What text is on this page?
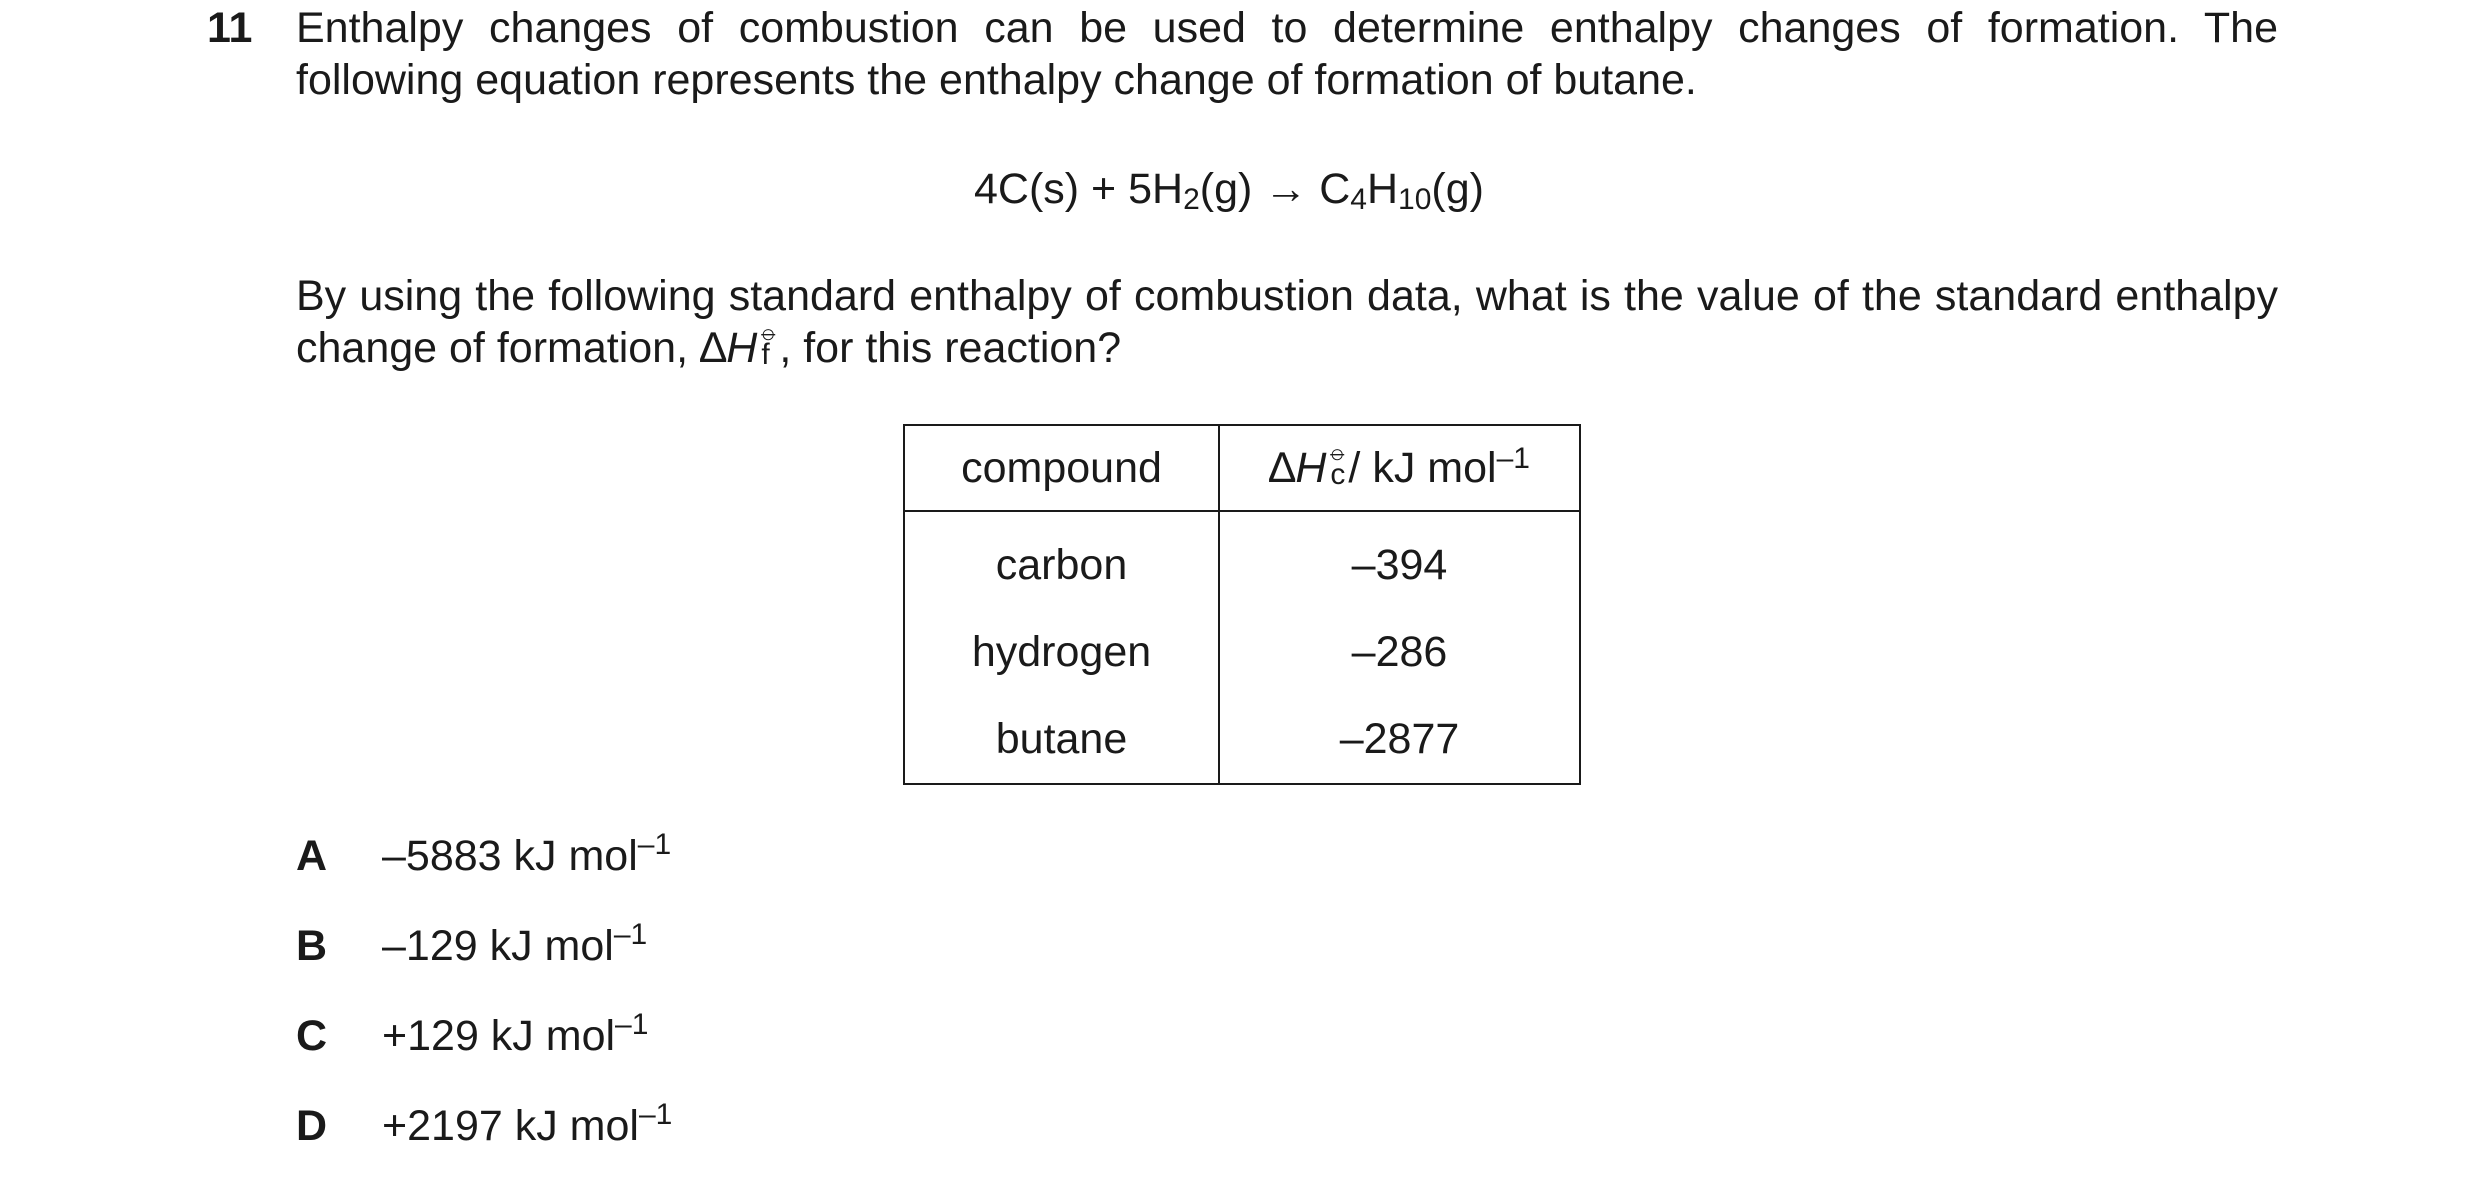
11 Enthalpy changes of combustion can be used to determine enthalpy changes of formation. The following equation represents the enthalpy change of formation of butane.

$4C(s) + 5H_2(g) \to C_4H_{10}(g)$

By using the following standard enthalpy of combustion data, what is the value of the standard enthalpy change of formation, ∆H ⦵
f , for this reaction?

compound	∆H ⦵
c / kJ mol$^{-1}$
carbon	–394
hydrogen	–286
butane	–2877
A –5883 kJ mol$^{-1}$
B –129 kJ mol$^{-1}$
C +129 kJ mol$^{-1}$
D +2197 kJ mol$^{-1}$
